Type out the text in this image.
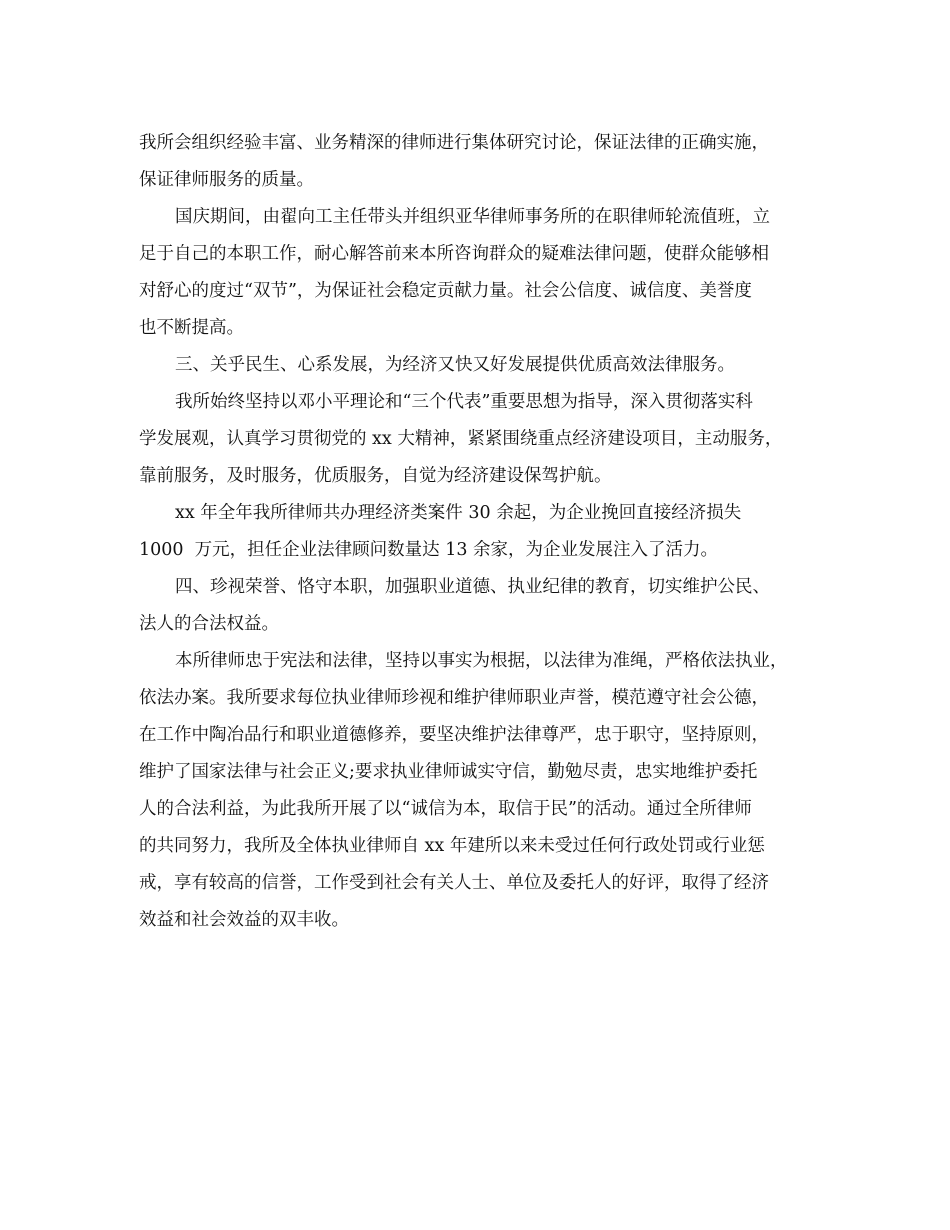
我所会组织经验丰富、业务精深的律师进行集体研究讨论，保证法律的正确实施，

保证律师服务的质量。

国庆期间，由翟向工主任带头并组织亚华律师事务所的在职律师轮流值班，立

足于自己的本职工作，耐心解答前来本所咨询群众的疑难法律问题，使群众能够相

对舒心的度过“双节”，为保证社会稳定贡献力量。社会公信度、诚信度、美誉度

也不断提高。

三、关乎民生、心系发展，为经济又快又好发展提供优质高效法律服务。

我所始终坚持以邓小平理论和“三个代表”重要思想为指导，深入贯彻落实科

学发展观，认真学习贯彻党的 xx 大精神，紧紧围绕重点经济建设项目，主动服务，

靠前服务，及时服务，优质服务，自觉为经济建设保驾护航。

xx 年全年我所律师共办理经济类案件 30 余起，为企业挽回直接经济损失

1000  万元，担任企业法律顾问数量达 13 余家，为企业发展注入了活力。

四、珍视荣誉、恪守本职，加强职业道德、执业纪律的教育，切实维护公民、

法人的合法权益。

本所律师忠于宪法和法律，坚持以事实为根据，以法律为准绳，严格依法执业，

依法办案。我所要求每位执业律师珍视和维护律师职业声誉，模范遵守社会公德，

在工作中陶冶品行和职业道德修养，要坚决维护法律尊严，忠于职守，坚持原则，

维护了国家法律与社会正义;要求执业律师诚实守信，勤勉尽责，忠实地维护委托

人的合法利益，为此我所开展了以“诚信为本，取信于民”的活动。通过全所律师

的共同努力，我所及全体执业律师自 xx 年建所以来未受过任何行政处罚或行业惩

戒，享有较高的信誉，工作受到社会有关人士、单位及委托人的好评，取得了经济

效益和社会效益的双丰收。
